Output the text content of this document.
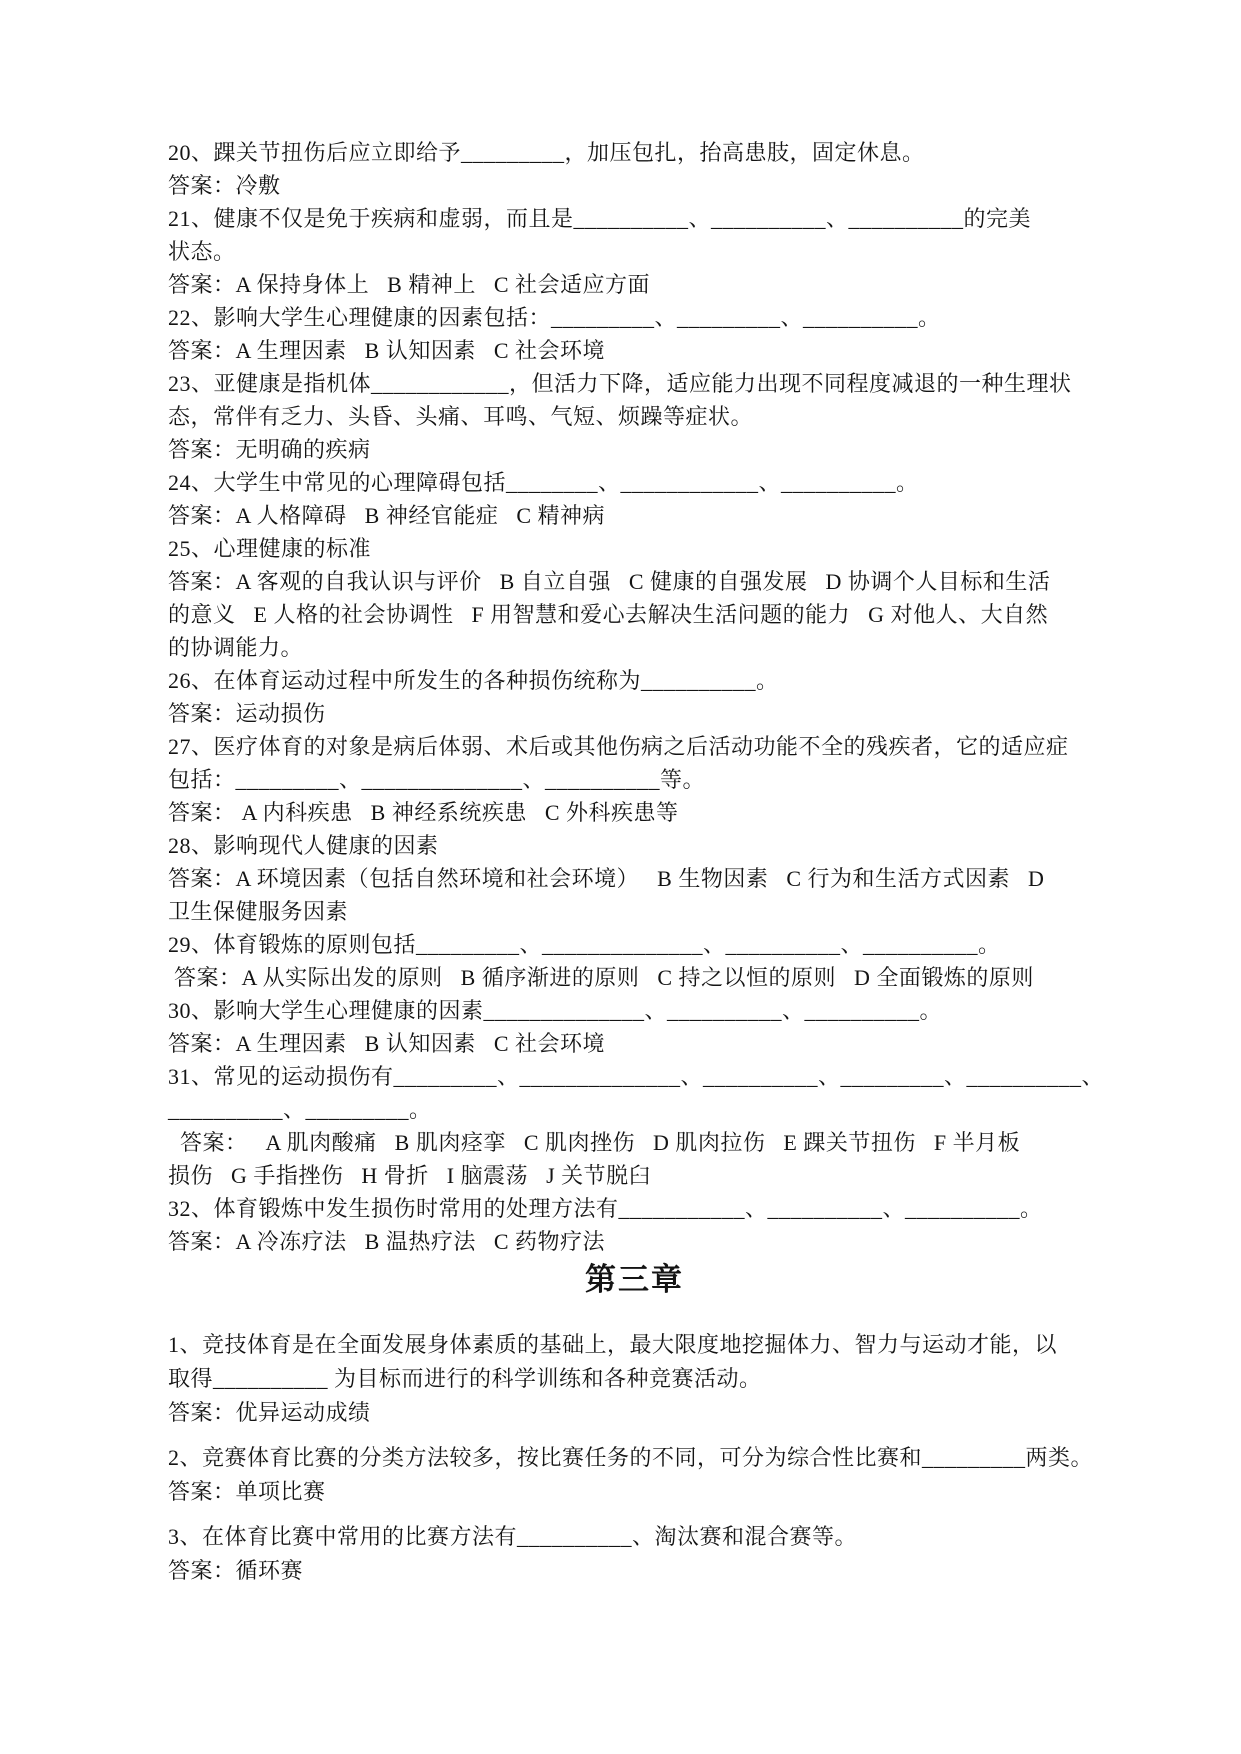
20、踝关节扭伤后应立即给予_________，加压包扎，抬高患肢，固定休息。

答案：冷敷

21、健康不仅是免于疾病和虚弱，而且是__________、__________、__________的完美

状态。

答案：A 保持身体上   B 精神上   C 社会适应方面

22、影响大学生心理健康的因素包括：_________、_________、__________。

答案：A 生理因素   B 认知因素   C 社会环境

23、亚健康是指机体____________，但活力下降，适应能力出现不同程度减退的一种生理状

态，常伴有乏力、头昏、头痛、耳鸣、气短、烦躁等症状。

答案：无明确的疾病

24、大学生中常见的心理障碍包括________、____________、__________。

答案：A 人格障碍   B 神经官能症   C 精神病

25、心理健康的标准

答案：A 客观的自我认识与评价   B 自立自强   C 健康的自强发展   D 协调个人目标和生活

的意义   E 人格的社会协调性   F 用智慧和爱心去解决生活问题的能力   G 对他人、大自然

的协调能力。

26、在体育运动过程中所发生的各种损伤统称为__________。

答案：运动损伤

27、医疗体育的对象是病后体弱、术后或其他伤病之后活动功能不全的残疾者，它的适应症

包括：_________、______________、__________等。

答案： A 内科疾患   B 神经系统疾患   C 外科疾患等

28、影响现代人健康的因素

答案：A 环境因素（包括自然环境和社会环境）   B 生物因素   C 行为和生活方式因素   D

卫生保健服务因素

29、体育锻炼的原则包括_________、______________、__________、__________。

答案：A 从实际出发的原则   B 循序渐进的原则   C 持之以恒的原则   D 全面锻炼的原则

30、影响大学生心理健康的因素______________、__________、__________。

答案：A 生理因素   B 认知因素   C 社会环境

31、常见的运动损伤有_________、______________、__________、_________、__________、

__________、_________。

答案：   A 肌肉酸痛   B 肌肉痉挛   C 肌肉挫伤   D 肌肉拉伤   E 踝关节扭伤   F 半月板

损伤   G 手指挫伤   H 骨折   I 脑震荡   J 关节脱臼

32、体育锻炼中发生损伤时常用的处理方法有___________、__________、__________。

答案：A 冷冻疗法   B 温热疗法   C 药物疗法

第三章

1、竞技体育是在全面发展身体素质的基础上，最大限度地挖掘体力、智力与运动才能，以

取得__________ 为目标而进行的科学训练和各种竞赛活动。

答案：优异运动成绩

2、竞赛体育比赛的分类方法较多，按比赛任务的不同，可分为综合性比赛和_________两类。

答案：单项比赛

3、在体育比赛中常用的比赛方法有__________、淘汰赛和混合赛等。

答案：循环赛
